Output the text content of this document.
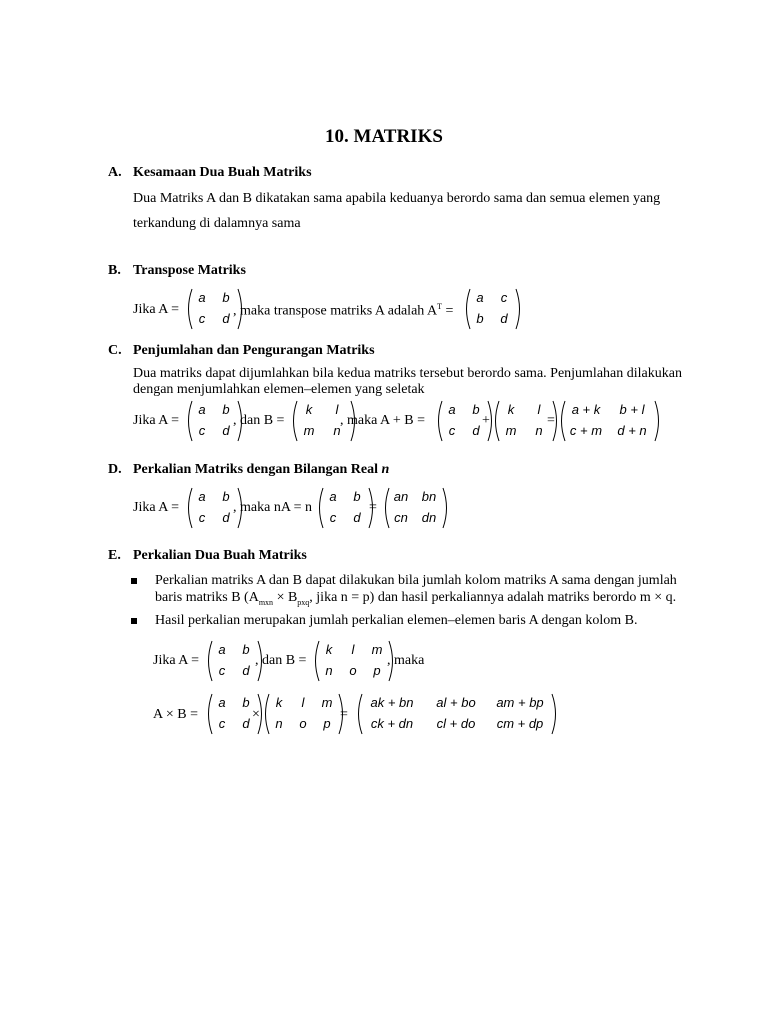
10. MATRIKS
A. Kesamaan Dua Buah Matriks
Dua Matriks A dan B dikatakan sama apabila keduanya berordo sama dan semua elemen yang
terkandung di dalamnya sama
B. Transpose Matriks
Jika A =
a
c
b
d , maka transpose matriks A adalah $A^T$ =
a
b
c
d
C. Penjumlahan dan Pengurangan Matriks
Dua matriks dapat dijumlahkan bila kedua matriks tersebut berordo sama. Penjumlahan dilakukan
dengan menjumlahkan elemen–elemen yang seletak
Jika A =
a
c
b
d
, dan B =
k
m
l
n
, maka A + B =
a
c
b
d
+
k
m
l
n
=
a + k
c + m
b + l
d + n
D. Perkalian Matriks dengan Bilangan Real n
Jika A =
a
c
b
d
, maka nA = n
a
c
b
d
=
an
cn
bn
dn
E. Perkalian Dua Buah Matriks
Perkalian matriks A dan B dapat dilakukan bila jumlah kolom matriks A sama dengan jumlah
baris matriks B ($A_{mxn} \times B_{pxq}$, jika n = p) dan hasil perkaliannya adalah matriks berordo m × q.
Hasil perkalian merupakan jumlah perkalian elemen–elemen baris A dengan kolom B.
Jika A =
a
c
b
d
, dan B =
k
n
l
o
m
p
, maka
A × B =
a
c
b
d
×
k
n
l
o
m
p
=
ak + bn
ck + dn
al + bo
cl + do
am + bp
cm + dp
